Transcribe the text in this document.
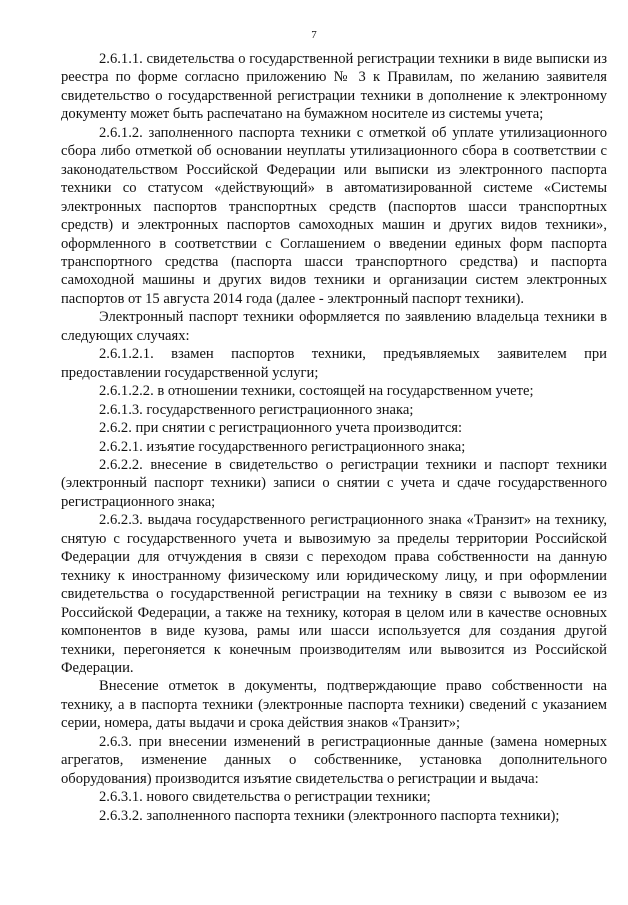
7

2.6.1.1. свидетельства о государственной регистрации техники в виде выписки из реестра по форме согласно приложению № 3 к Правилам, по желанию заявителя свидетельство о государственной регистрации техники в дополнение к электронному документу может быть распечатано на бумажном носителе из системы учета;

2.6.1.2. заполненного паспорта техники с отметкой об уплате утилизационного сбора либо отметкой об основании неуплаты утилизационного сбора в соответствии с законодательством Российской Федерации или выписки из электронного паспорта техники со статусом «действующий» в автоматизированной системе «Системы электронных паспортов транспортных средств (паспортов шасси транспортных средств) и электронных паспортов самоходных машин и других видов техники», оформленного в соответствии с Соглашением о введении единых форм паспорта транспортного средства (паспорта шасси транспортного средства) и паспорта самоходной машины и других видов техники и организации систем электронных паспортов от 15 августа 2014 года (далее - электронный паспорт техники).

Электронный паспорт техники оформляется по заявлению владельца техники в следующих случаях:

2.6.1.2.1. взамен паспортов техники, предъявляемых заявителем при предоставлении государственной услуги;

2.6.1.2.2. в отношении техники, состоящей на государственном учете;

2.6.1.3. государственного регистрационного знака;

2.6.2. при снятии с регистрационного учета производится:

2.6.2.1. изъятие государственного регистрационного знака;

2.6.2.2. внесение в свидетельство о регистрации техники и паспорт техники (электронный паспорт техники) записи о снятии с учета и сдаче государственного регистрационного знака;

2.6.2.3. выдача государственного регистрационного знака «Транзит» на технику, снятую с государственного учета и вывозимую за пределы территории Российской Федерации для отчуждения в связи с переходом права собственности на данную технику к иностранному физическому или юридическому лицу, и при оформлении свидетельства о государственной регистрации на технику в связи с вывозом ее из Российской Федерации, а также на технику, которая в целом или в качестве основных компонентов в виде кузова, рамы или шасси используется для создания другой техники, перегоняется к конечным производителям или вывозится из Российской Федерации.

Внесение отметок в документы, подтверждающие право собственности на технику, а в паспорта техники (электронные паспорта техники) сведений с указанием серии, номера, даты выдачи и срока действия знаков «Транзит»;

2.6.3. при внесении изменений в регистрационные данные (замена номерных агрегатов, изменение данных о собственнике, установка дополнительного оборудования) производится изъятие свидетельства о регистрации и выдача:

2.6.3.1. нового свидетельства о регистрации техники;

2.6.3.2. заполненного паспорта техники (электронного паспорта техники);
